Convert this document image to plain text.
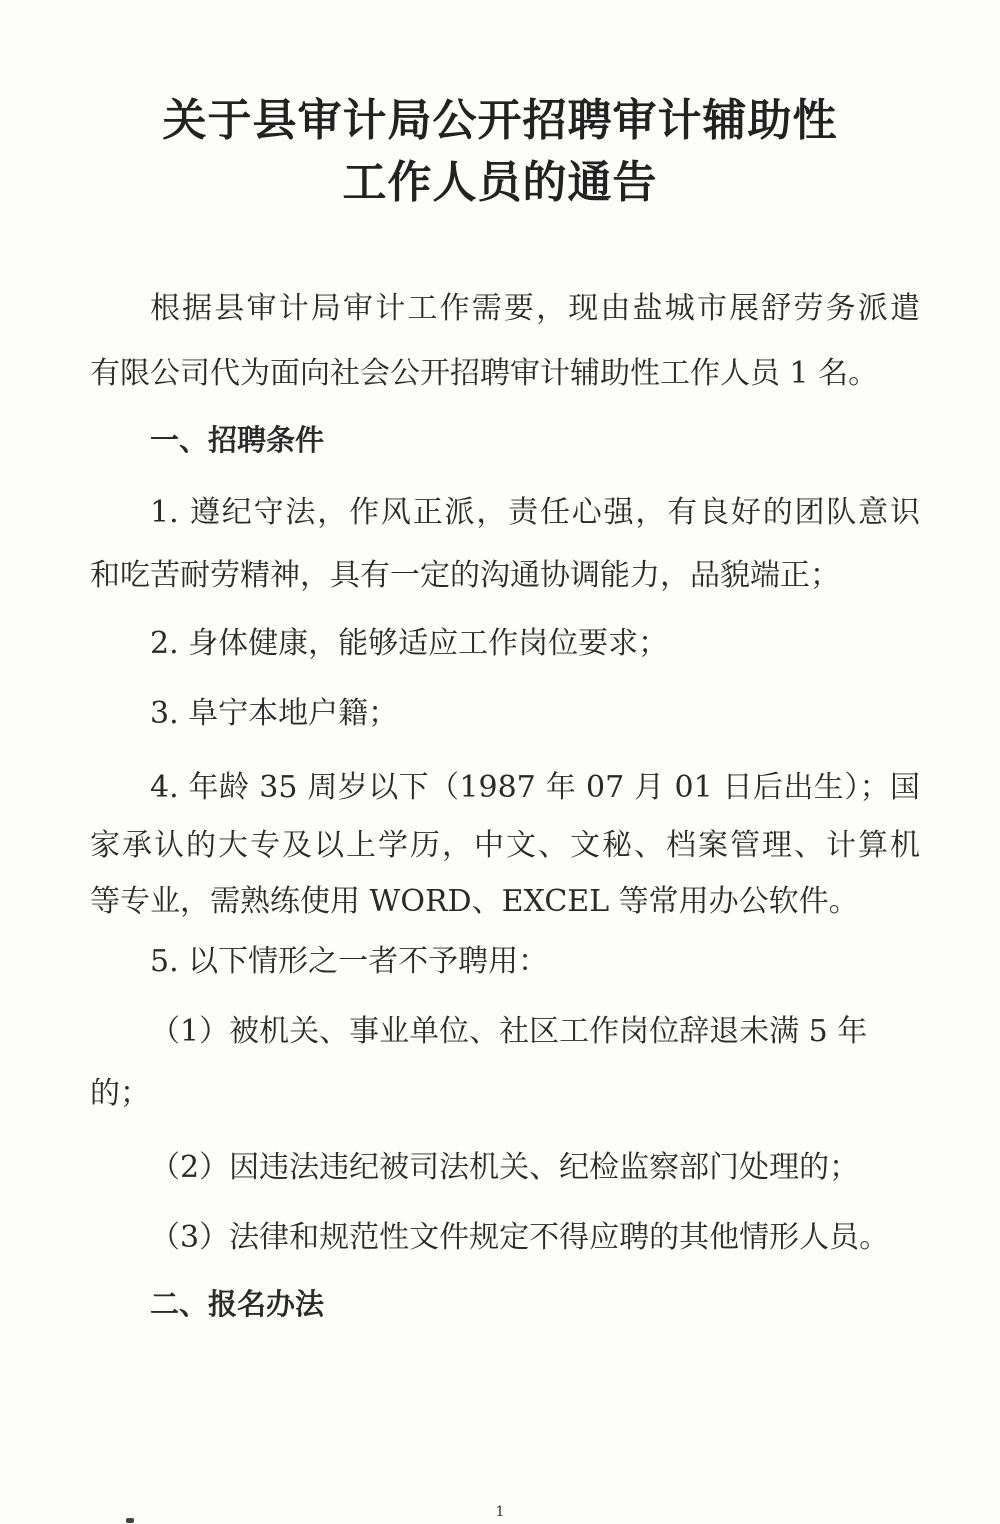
关于县审计局公开招聘审计辅助性
工作人员的通告
根据县审计局审计工作需要，现由盐城市展舒劳务派遣
有限公司代为面向社会公开招聘审计辅助性工作人员 1 名。
一、招聘条件
1. 遵纪守法，作风正派，责任心强，有良好的团队意识
和吃苦耐劳精神，具有一定的沟通协调能力，品貌端正；
2. 身体健康，能够适应工作岗位要求；
3. 阜宁本地户籍；
4. 年龄 35 周岁以下（1987 年 07 月 01 日后出生）；国
家承认的大专及以上学历，中文、文秘、档案管理、计算机
等专业，需熟练使用 WORD、EXCEL 等常用办公软件。
5. 以下情形之一者不予聘用：
（1）被机关、事业单位、社区工作岗位辞退未满 5 年
的；
（2）因违法违纪被司法机关、纪检监察部门处理的；
（3）法律和规范性文件规定不得应聘的其他情形人员。
二、报名办法
1
